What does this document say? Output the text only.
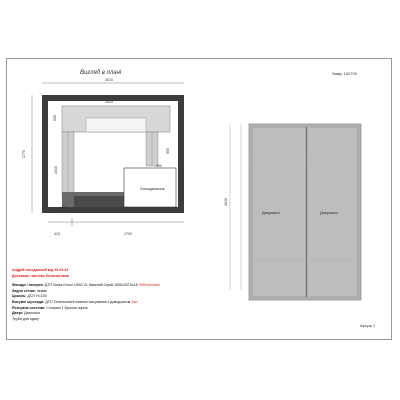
Вигляд в плані	Замір 182709
3010
2810
1770
530
1040
555
600
400
415	1700
Холодильник
2640
Дзеркало	Дзеркало
Андрій погоджений від 16.03.24
Доставка і монтаж безкоштовно
Фасади / галерея: ДТП Swiss Krono U540 VL Квасний Сірий 1600х2070х18 3990грн/лист
Задня стінка: немає
Цоколь: ДСП Н=100
Висувні шухляди: ДТП Телескопічні повного висування з доводчиком 2шт.
Розсувна система: Compact 1 Бронза чорна
Двері: Дзеркало
Труба для одягу
Аркуш 1
